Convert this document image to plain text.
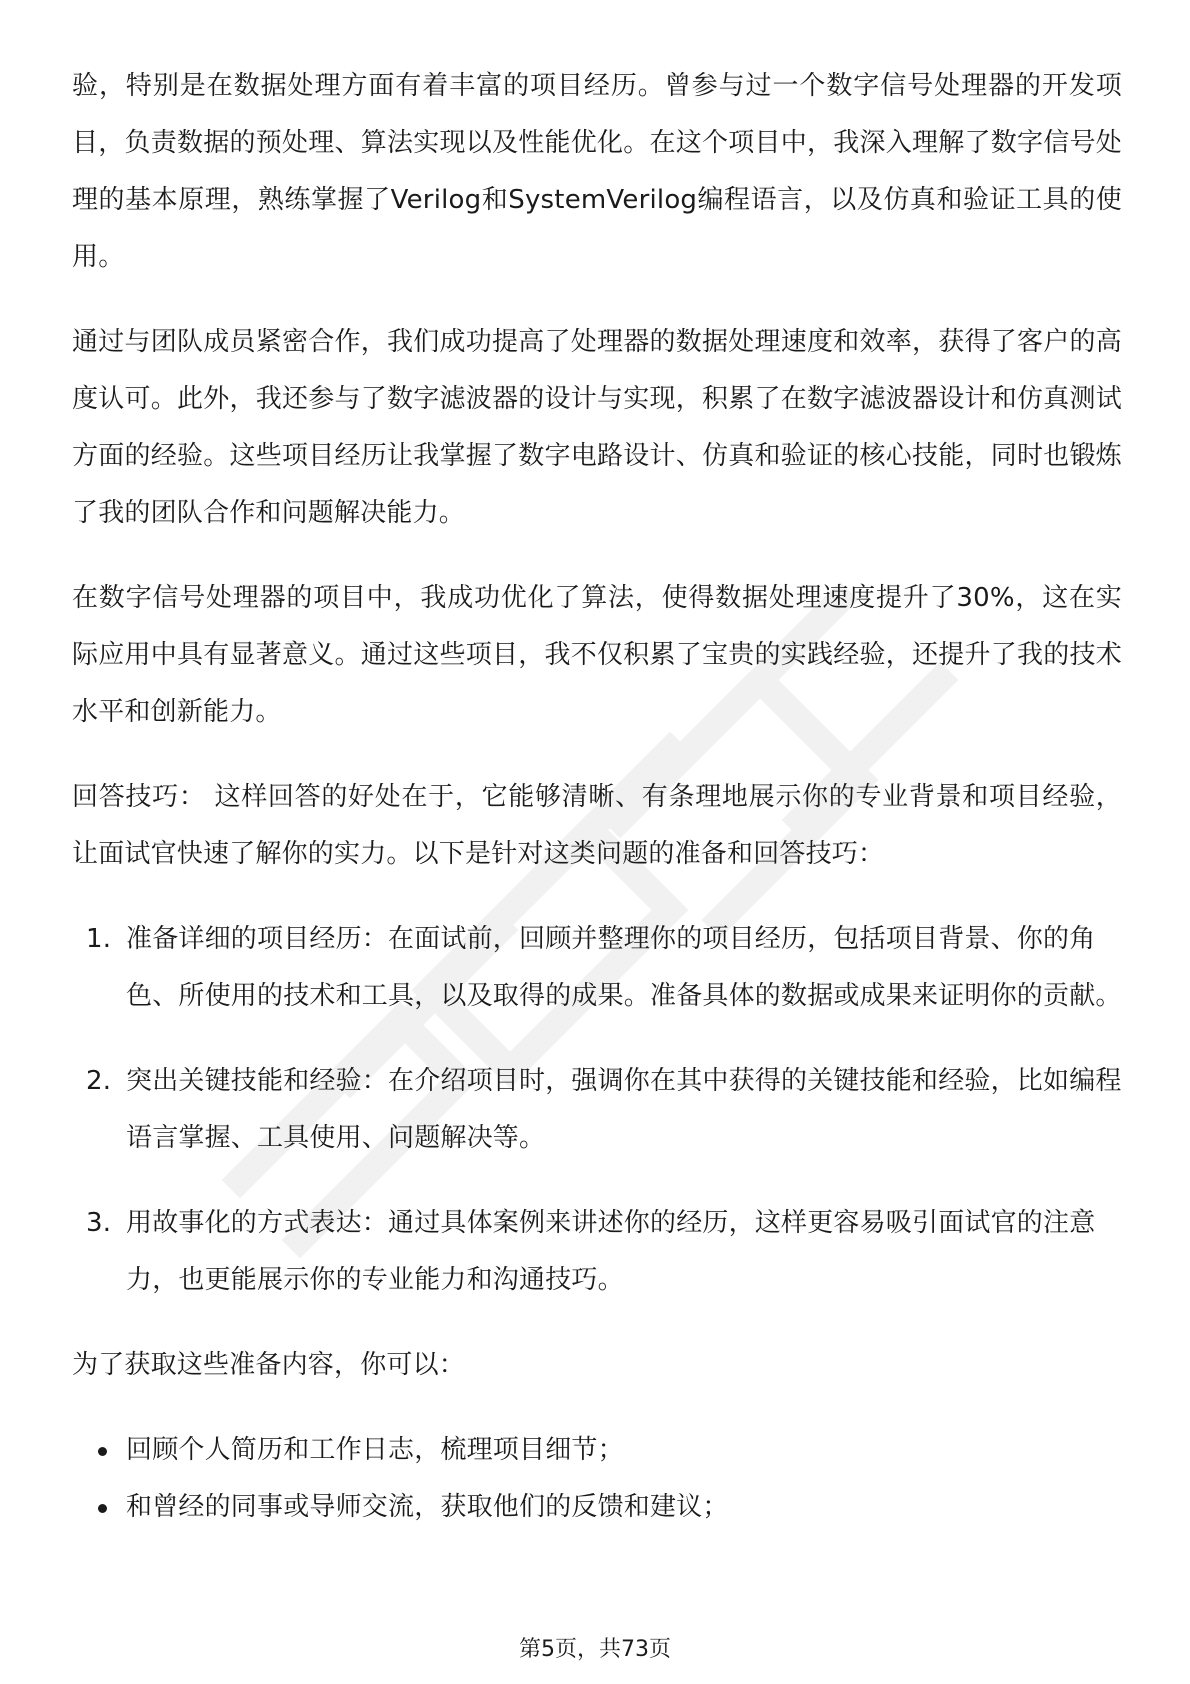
验，特别是在数据处理方面有着丰富的项目经历。曾参与过一个数字信号处理器的开发项目，负责数据的预处理、算法实现以及性能优化。在这个项目中，我深入理解了数字信号处理的基本原理，熟练掌握了Verilog和SystemVerilog编程语言，以及仿真和验证工具的使用。

通过与团队成员紧密合作，我们成功提高了处理器的数据处理速度和效率，获得了客户的高度认可。此外，我还参与了数字滤波器的设计与实现，积累了在数字滤波器设计和仿真测试方面的经验。这些项目经历让我掌握了数字电路设计、仿真和验证的核心技能，同时也锻炼了我的团队合作和问题解决能力。

在数字信号处理器的项目中，我成功优化了算法，使得数据处理速度提升了30%，这在实际应用中具有显著意义。通过这些项目，我不仅积累了宝贵的实践经验，还提升了我的技术水平和创新能力。

回答技巧： 这样回答的好处在于，它能够清晰、有条理地展示你的专业背景和项目经验，让面试官快速了解你的实力。以下是针对这类问题的准备和回答技巧：

1. 准备详细的项目经历：在面试前，回顾并整理你的项目经历，包括项目背景、你的角色、所使用的技术和工具，以及取得的成果。准备具体的数据或成果来证明你的贡献。
2. 突出关键技能和经验：在介绍项目时，强调你在其中获得的关键技能和经验，比如编程语言掌握、工具使用、问题解决等。
3. 用故事化的方式表达：通过具体案例来讲述你的经历，这样更容易吸引面试官的注意力，也更能展示你的专业能力和沟通技巧。

为了获取这些准备内容，你可以：

回顾个人简历和工作日志，梳理项目细节；
和曾经的同事或导师交流，获取他们的反馈和建议；
第5页，共73页
